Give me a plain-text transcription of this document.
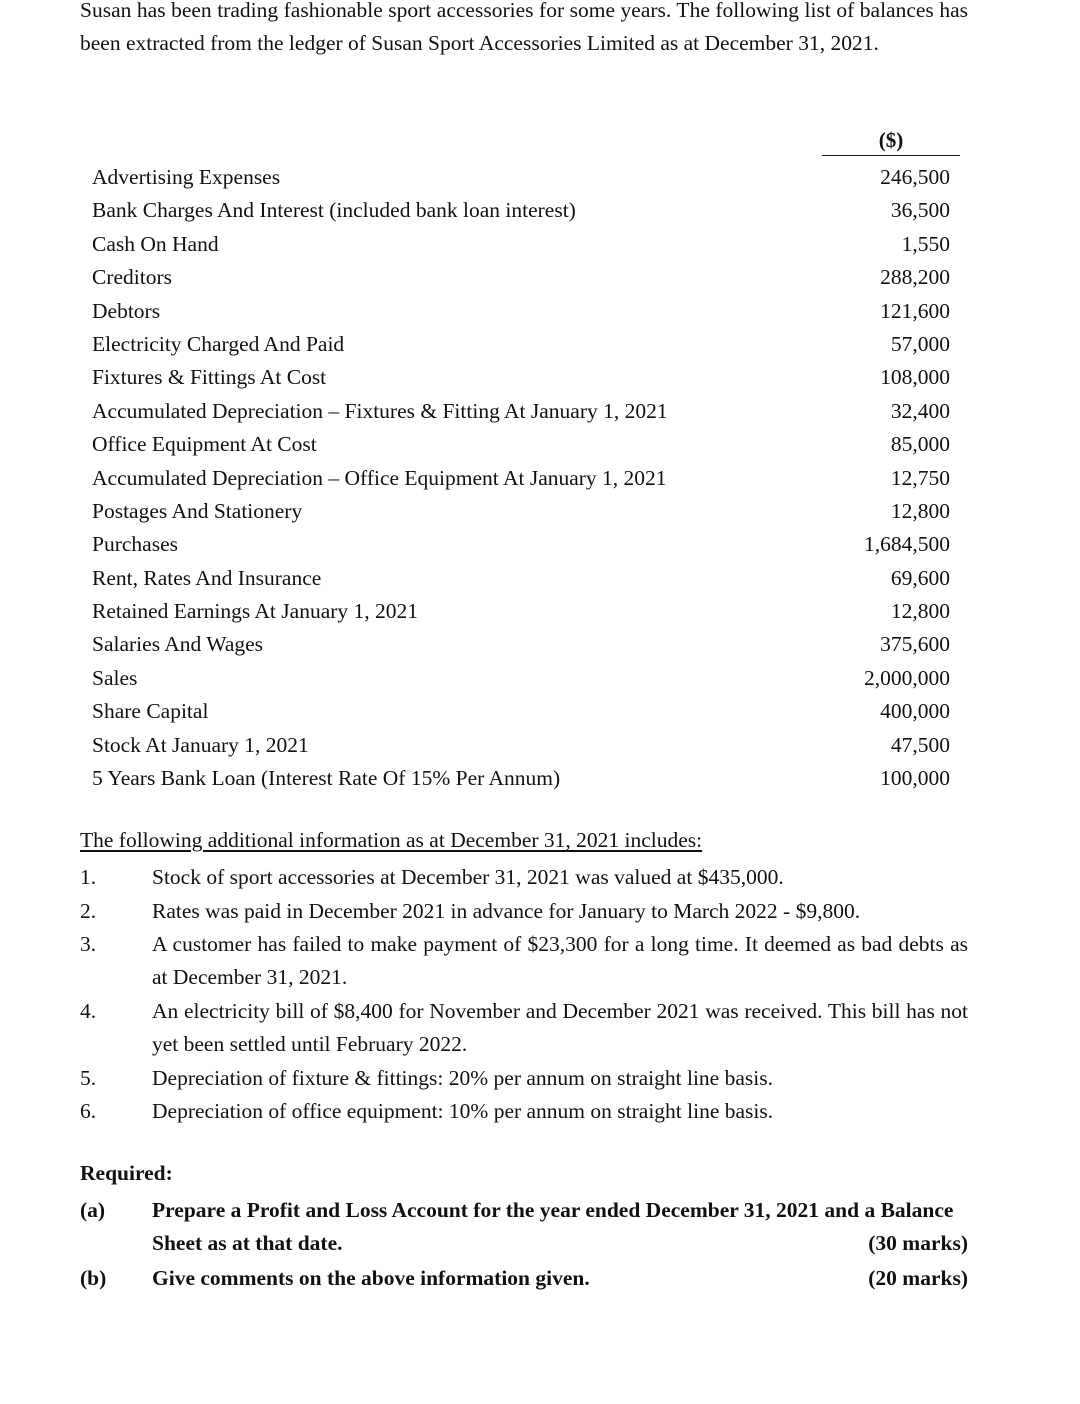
Susan has been trading fashionable sport accessories for some years. The following list of balances has been extracted from the ledger of Susan Sport Accessories Limited as at December 31, 2021.

($)
Advertising Expenses	246,500
Bank Charges And Interest (included bank loan interest)	36,500
Cash On Hand	1,550
Creditors	288,200
Debtors	121,600
Electricity Charged And Paid	57,000
Fixtures & Fittings At Cost	108,000
Accumulated Depreciation – Fixtures & Fitting At January 1, 2021	32,400
Office Equipment At Cost	85,000
Accumulated Depreciation – Office Equipment At January 1, 2021	12,750
Postages And Stationery	12,800
Purchases	1,684,500
Rent, Rates And Insurance	69,600
Retained Earnings At January 1, 2021	12,800
Salaries And Wages	375,600
Sales	2,000,000
Share Capital	400,000
Stock At January 1, 2021	47,500
5 Years Bank Loan (Interest Rate Of 15% Per Annum)	100,000
The following additional information as at December 31, 2021 includes:
1.	Stock of sport accessories at December 31, 2021 was valued at $435,000.
2.	Rates was paid in December 2021 in advance for January to March 2022 - $9,800.
3.	A customer has failed to make payment of $23,300 for a long time. It deemed as bad debts as at December 31, 2021.
4.	An electricity bill of $8,400 for November and December 2021 was received. This bill has not yet been settled until February 2022.
5.	Depreciation of fixture & fittings: 20% per annum on straight line basis.
6.	Depreciation of office equipment: 10% per annum on straight line basis.
Required:
(a) Prepare a Profit and Loss Account for the year ended December 31, 2021 and a Balance Sheet as at that date.	(30 marks)
(b) Give comments on the above information given.	(20 marks)
